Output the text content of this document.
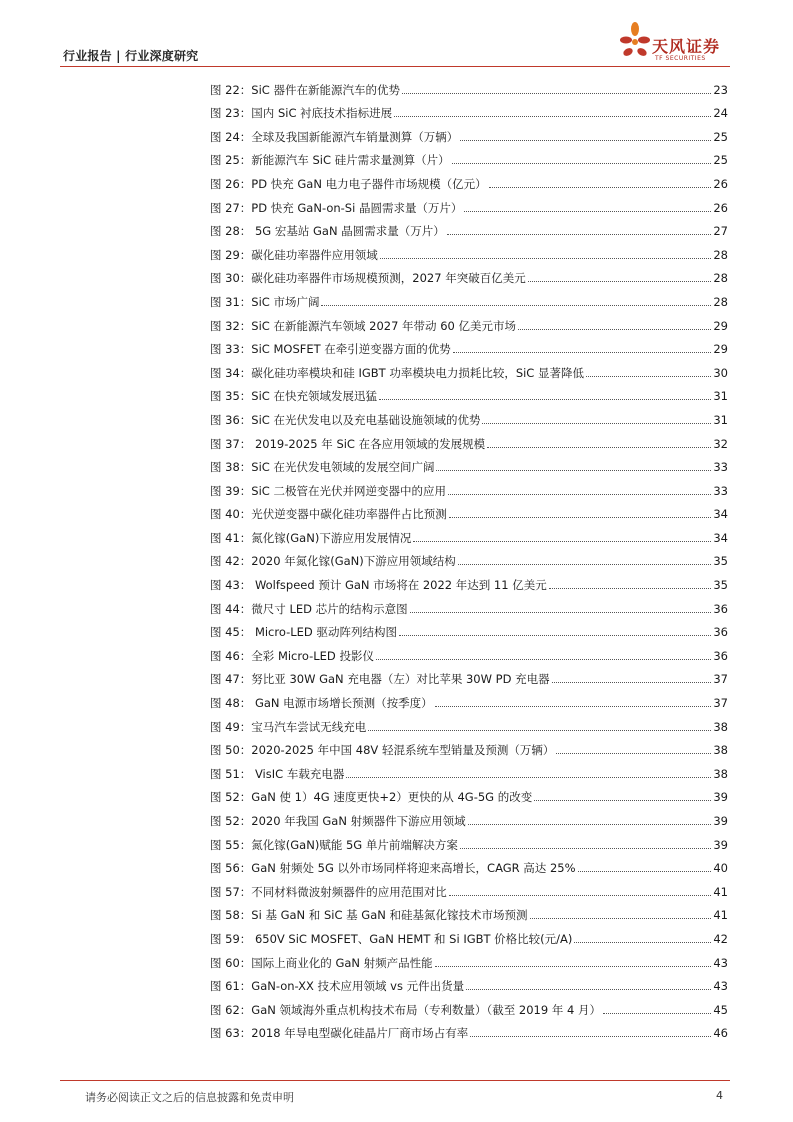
行业报告 | 行业深度研究	天风证券
TF SECURITIES
图 22：SiC 器件在新能源汽车的优势	23
图 23：国内 SiC 衬底技术指标进展	24
图 24：全球及我国新能源汽车销量测算（万辆）	25
图 25：新能源汽车 SiC 硅片需求量测算（片）	25
图 26：PD 快充 GaN 电力电子器件市场规模（亿元）	26
图 27：PD 快充 GaN-on-Si 晶圆需求量（万片）	26
图 28： 5G 宏基站 GaN 晶圆需求量（万片）	27
图 29：碳化硅功率器件应用领域	28
图 30：碳化硅功率器件市场规模预测，2027 年突破百亿美元	28
图 31：SiC 市场广阔	28
图 32：SiC 在新能源汽车领域 2027 年带动 60 亿美元市场	29
图 33：SiC MOSFET 在牵引逆变器方面的优势	29
图 34：碳化硅功率模块和硅 IGBT 功率模块电力损耗比较，SiC 显著降低	30
图 35：SiC 在快充领域发展迅猛	31
图 36：SiC 在光伏发电以及充电基础设施领域的优势	31
图 37： 2019-2025 年 SiC 在各应用领域的发展规模	32
图 38：SiC 在光伏发电领域的发展空间广阔	33
图 39：SiC 二极管在光伏并网逆变器中的应用	33
图 40：光伏逆变器中碳化硅功率器件占比预测	34
图 41：氮化镓(GaN)下游应用发展情况	34
图 42：2020 年氮化镓(GaN)下游应用领域结构	35
图 43： Wolfspeed 预计 GaN 市场将在 2022 年达到 11 亿美元	35
图 44：微尺寸 LED 芯片的结构示意图	36
图 45： Micro-LED 驱动阵列结构图	36
图 46：全彩 Micro-LED 投影仪	36
图 47：努比亚 30W GaN 充电器（左）对比苹果 30W PD 充电器	37
图 48： GaN 电源市场增长预测（按季度）	37
图 49：宝马汽车尝试无线充电	38
图 50：2020-2025 年中国 48V 轻混系统车型销量及预测（万辆）	38
图 51： VisIC 车载充电器	38
图 52：GaN 使 1）4G 速度更快+2）更快的从 4G-5G 的改变	39
图 52：2020 年我国 GaN 射频器件下游应用领域	39
图 55：氮化镓(GaN)赋能 5G 单片前端解决方案	39
图 56：GaN 射频处 5G 以外市场同样将迎来高增长，CAGR 高达 25%	40
图 57：不同材料微波射频器件的应用范围对比	41
图 58：Si 基 GaN 和 SiC 基 GaN 和硅基氮化镓技术市场预测	41
图 59： 650V SiC MOSFET、GaN HEMT 和 Si IGBT 价格比较(元/A)	42
图 60：国际上商业化的 GaN 射频产品性能	43
图 61：GaN-on-XX 技术应用领域 vs 元件出货量	43
图 62：GaN 领域海外重点机构技术布局（专利数量）（截至 2019 年 4 月）	45
图 63：2018 年导电型碳化硅晶片厂商市场占有率	46
请务必阅读正文之后的信息披露和免责申明	4
